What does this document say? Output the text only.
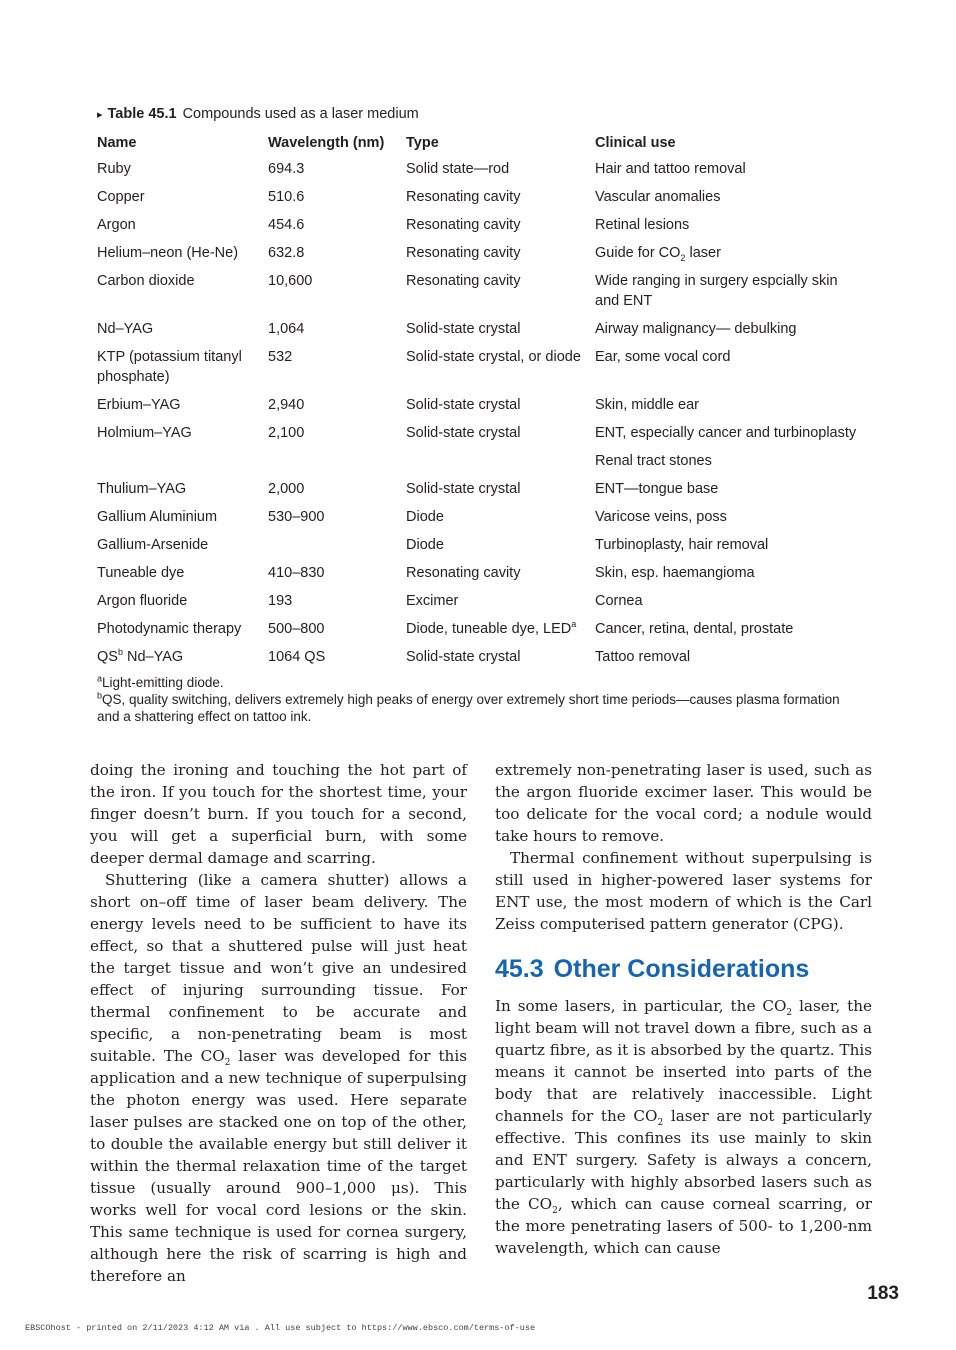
▸ Table 45.1 Compounds used as a laser medium
Name	Wavelength (nm)	Type	Clinical use
Ruby	694.3	Solid state—rod	Hair and tattoo removal
Copper	510.6	Resonating cavity	Vascular anomalies
Argon	454.6	Resonating cavity	Retinal lesions
Helium–neon (He-Ne)	632.8	Resonating cavity	Guide for $CO_2$ laser
Carbon dioxide	10,600	Resonating cavity	Wide ranging in surgery espcially skin and ENT
Nd–YAG	1,064	Solid-state crystal	Airway malignancy— debulking
KTP (potassium titanyl phosphate)	532	Solid-state crystal, or diode	Ear, some vocal cord
Erbium–YAG	2,940	Solid-state crystal	Skin, middle ear
Holmium–YAG	2,100	Solid-state crystal	ENT, especially cancer and turbinoplasty
			Renal tract stones
Thulium–YAG	2,000	Solid-state crystal	ENT—tongue base
Gallium Aluminium	530–900	Diode	Varicose veins, poss
Gallium-Arsenide		Diode	Turbinoplasty, hair removal
Tuneable dye	410–830	Resonating cavity	Skin, esp. haemangioma
Argon fluoride	193	Excimer	Cornea
Photodynamic therapy	500–800	Diode, tuneable dye, LED$^a$	Cancer, retina, dental, prostate
$QS^b$ Nd–YAG	1064 QS	Solid-state crystal	Tattoo removal

$^a$Light-emitting diode.

$^b$QS, quality switching, delivers extremely high peaks of energy over extremely short time periods—causes plasma formation and a shattering effect on tattoo ink.

doing the ironing and touching the hot part of the iron. If you touch for the shortest time, your finger doesn’t burn. If you touch for a second, you will get a superficial burn, with some deeper dermal damage and scarring.

Shuttering (like a camera shutter) allows a short on–off time of laser beam delivery. The energy levels need to be sufficient to have its effect, so that a shuttered pulse will just heat the target tissue and won’t give an undesired effect of injuring surrounding tissue. For thermal confinement to be accurate and specific, a non-penetrating beam is most suitable. The $CO_2$ laser was developed for this application and a new technique of superpulsing the photon energy was used. Here separate laser pulses are stacked one on top of the other, to double the available energy but still deliver it within the thermal relaxation time of the target tissue (usually around 900–1,000 μs). This works well for vocal cord lesions or the skin. This same technique is used for cornea surgery, although here the risk of scarring is high and therefore an

extremely non-penetrating laser is used, such as the argon fluoride excimer laser. This would be too delicate for the vocal cord; a nodule would take hours to remove.

Thermal confinement without superpulsing is still used in higher-powered laser systems for ENT use, the most modern of which is the Carl Zeiss computerised pattern generator (CPG).

45.3 Other Considerations

In some lasers, in particular, the $CO_2$ laser, the light beam will not travel down a fibre, such as a quartz fibre, as it is absorbed by the quartz. This means it cannot be inserted into parts of the body that are relatively inaccessible. Light channels for the $CO_2$ laser are not particularly effective. This confines its use mainly to skin and ENT surgery. Safety is always a concern, particularly with highly absorbed lasers such as the $CO_2$, which can cause corneal scarring, or the more penetrating lasers of 500- to 1,200-nm wavelength, which can cause

183
EBSCOhost - printed on 2/11/2023 4:12 AM via . All use subject to https://www.ebsco.com/terms-of-use
